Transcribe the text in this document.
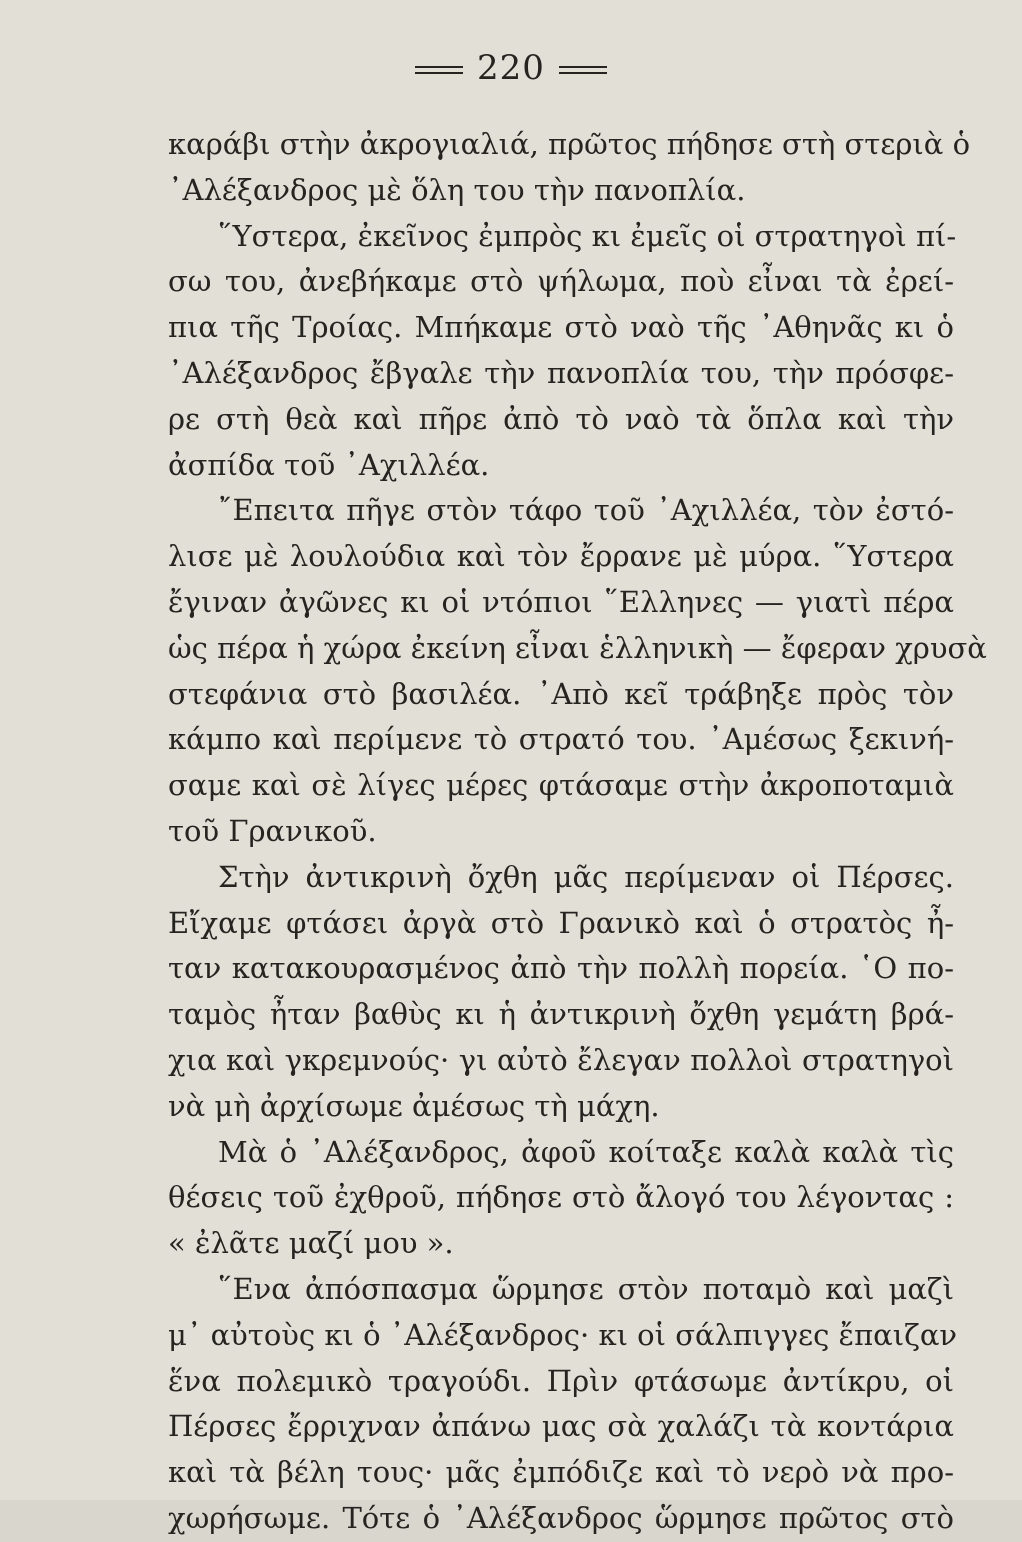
220
καράβι στὴν ἀκρογιαλιά, πρῶτος πήδησε στὴ στεριὰ ὁ
᾿Αλέξανδρος μὲ ὅλη του τὴν πανοπλία.
῞Υστερα, ἐκεῖνος ἐμπρὸς κι ἐμεῖς οἱ στρατηγοὶ πί-
σω του, ἀνεβήκαμε στὸ ψήλωμα, ποὺ εἶναι τὰ ἐρεί-
πια τῆς Τροίας. Μπήκαμε στὸ ναὸ τῆς ᾿Αθηνᾶς κι ὁ
᾿Αλέξανδρος ἔβγαλε τὴν πανοπλία του, τὴν πρόσφε-
ρε στὴ θεὰ καὶ πῆρε ἀπὸ τὸ ναὸ τὰ ὅπλα καὶ τὴν
ἀσπίδα τοῦ ᾿Αχιλλέα.
῎Επειτα πῆγε στὸν τάφο τοῦ ᾿Αχιλλέα, τὸν ἐστό-
λισε μὲ λουλούδια καὶ τὸν ἔρρανε μὲ μύρα. ῞Υστερα
ἔγιναν ἀγῶνες κι οἱ ντόπιοι ῞Ελληνες — γιατὶ πέρα
ὡς πέρα ἡ χώρα ἐκείνη εἶναι ἑλληνικὴ — ἔφεραν χρυσὰ
στεφάνια στὸ βασιλέα. ᾿Απὸ κεῖ τράβηξε πρὸς τὸν
κάμπο καὶ περίμενε τὸ στρατό του. ᾿Αμέσως ξεκινή-
σαμε καὶ σὲ λίγες μέρες φτάσαμε στὴν ἀκροποταμιὰ
τοῦ Γρανικοῦ.
Στὴν ἀντικρινὴ ὄχθη μᾶς περίμεναν οἱ Πέρσες.
Εἴχαμε φτάσει ἀργὰ στὸ Γρανικὸ καὶ ὁ στρατὸς ἦ-
ταν κατακουρασμένος ἀπὸ τὴν πολλὴ πορεία. ῾Ο πο-
ταμὸς ἦταν βαθὺς κι ἡ ἀντικρινὴ ὄχθη γεμάτη βρά-
χια καὶ γκρεμνούς· γι αὐτὸ ἔλεγαν πολλοὶ στρατηγοὶ
νὰ μὴ ἀρχίσωμε ἀμέσως τὴ μάχη.
Μὰ ὁ ᾿Αλέξανδρος, ἀφοῦ κοίταξε καλὰ καλὰ τὶς
θέσεις τοῦ ἐχθροῦ, πήδησε στὸ ἄλογό του λέγοντας :
« ἐλᾶτε μαζί μου ».
῞Ενα ἀπόσπασμα ὥρμησε στὸν ποταμὸ καὶ μαζὶ
μ᾿ αὐτοὺς κι ὁ ᾿Αλέξανδρος· κι οἱ σάλπιγγες ἔπαιζαν
ἕνα πολεμικὸ τραγούδι. Πρὶν φτάσωμε ἀντίκρυ, οἱ
Πέρσες ἔρριχναν ἀπάνω μας σὰ χαλάζι τὰ κοντάρια
καὶ τὰ βέλη τους· μᾶς ἐμπόδιζε καὶ τὸ νερὸ νὰ προ-
χωρήσωμε. Τότε ὁ ᾿Αλέξανδρος ὥρμησε πρῶτος στὸ
